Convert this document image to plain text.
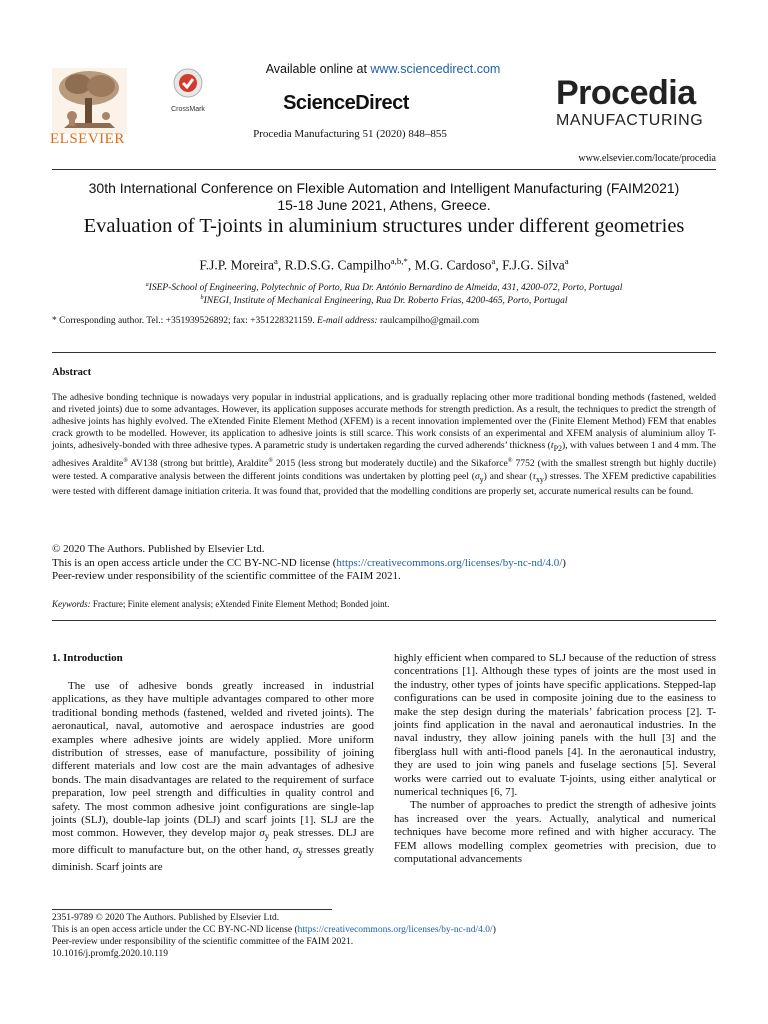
ELSEVIER
CrossMark
Available online at www.sciencedirect.com
ScienceDirect
Procedia Manufacturing 51 (2020) 848–855
Procedia
MANUFACTURING
www.elsevier.com/locate/procedia
30th International Conference on Flexible Automation and Intelligent Manufacturing (FAIM2021)
15-18 June 2021, Athens, Greece.
Evaluation of T-joints in aluminium structures under different geometries
F.J.P. Moreira$^a$, R.D.S.G. Campilho$^{a,b,*}$, M.G. Cardoso$^a$, F.J.G. Silva$^a$
$^a$ISEP-School of Engineering, Polytechnic of Porto, Rua Dr. António Bernardino de Almeida, 431, 4200-072, Porto, Portugal
$^b$INEGI, Institute of Mechanical Engineering, Rua Dr. Roberto Frias, 4200-465, Porto, Portugal
* Corresponding author. Tel.: +351939526892; fax: +351228321159. E-mail address: raulcampilho@gmail.com
Abstract
The adhesive bonding technique is nowadays very popular in industrial applications, and is gradually replacing other more traditional bonding methods (fastened, welded and riveted joints) due to some advantages. However, its application supposes accurate methods for strength prediction. As a result, the techniques to predict the strength of adhesive joints has highly evolved. The eXtended Finite Element Method (XFEM) is a recent innovation implemented over the (Finite Element Method) FEM that enables crack growth to be modelled. However, its application to adhesive joints is still scarce. This work consists of an experimental and XFEM analysis of aluminium alloy T-joints, adhesively-bonded with three adhesive types. A parametric study is undertaken regarding the curved adherends’ thickness $(t_{P2})$, with values between 1 and 4 mm. The adhesives Araldite® AV138 (strong but brittle), Araldite® 2015 (less strong but moderately ductile) and the Sikaforce® 7752 (with the smallest strength but highly ductile) were tested. A comparative analysis between the different joints conditions was undertaken by plotting peel $(\sigma_y)$ and shear $(\tau_{xy})$ stresses. The XFEM predictive capabilities were tested with different damage initiation criteria. It was found that, provided that the modelling conditions are properly set, accurate numerical results can be found.
© 2020 The Authors. Published by Elsevier Ltd.
This is an open access article under the CC BY-NC-ND license (https://creativecommons.org/licenses/by-nc-nd/4.0/)
Peer-review under responsibility of the scientific committee of the FAIM 2021.
Keywords: Fracture; Finite element analysis; eXtended Finite Element Method; Bonded joint.
1. Introduction

The use of adhesive bonds greatly increased in industrial applications, as they have multiple advantages compared to other more traditional bonding methods (fastened, welded and riveted joints). The aeronautical, naval, automotive and aerospace industries are good examples where adhesive joints are widely applied. More uniform distribution of stresses, ease of manufacture, possibility of joining different materials and low cost are the main advantages of adhesive bonds. The main disadvantages are related to the requirement of surface preparation, low peel strength and difficulties in quality control and safety. The most common adhesive joint configurations are single-lap joints (SLJ), double-lap joints (DLJ) and scarf joints [1]. SLJ are the most common. However, they develop major $\sigma_y$ peak stresses. DLJ are more difficult to manufacture but, on the other hand, $\sigma_y$ stresses greatly diminish. Scarf joints are

highly efficient when compared to SLJ because of the reduction of stress concentrations [1]. Although these types of joints are the most used in the industry, other types of joints have specific applications. Stepped-lap configurations can be used in composite joining due to the easiness to make the step design during the materials’ fabrication process [2]. T-joints find application in the naval and aeronautical industries. In the naval industry, they allow joining panels with the hull [3] and the fiberglass hull with anti-flood panels [4]. In the aeronautical industry, they are used to join wing panels and fuselage sections [5]. Several works were carried out to evaluate T-joints, using either analytical or numerical techniques [6, 7].

The number of approaches to predict the strength of adhesive joints has increased over the years. Actually, analytical and numerical techniques have become more refined and with higher accuracy. The FEM allows modelling complex geometries with precision, due to computational advancements

2351-9789 © 2020 The Authors. Published by Elsevier Ltd.
This is an open access article under the CC BY-NC-ND license (https://creativecommons.org/licenses/by-nc-nd/4.0/)
Peer-review under responsibility of the scientific committee of the FAIM 2021.
10.1016/j.promfg.2020.10.119
